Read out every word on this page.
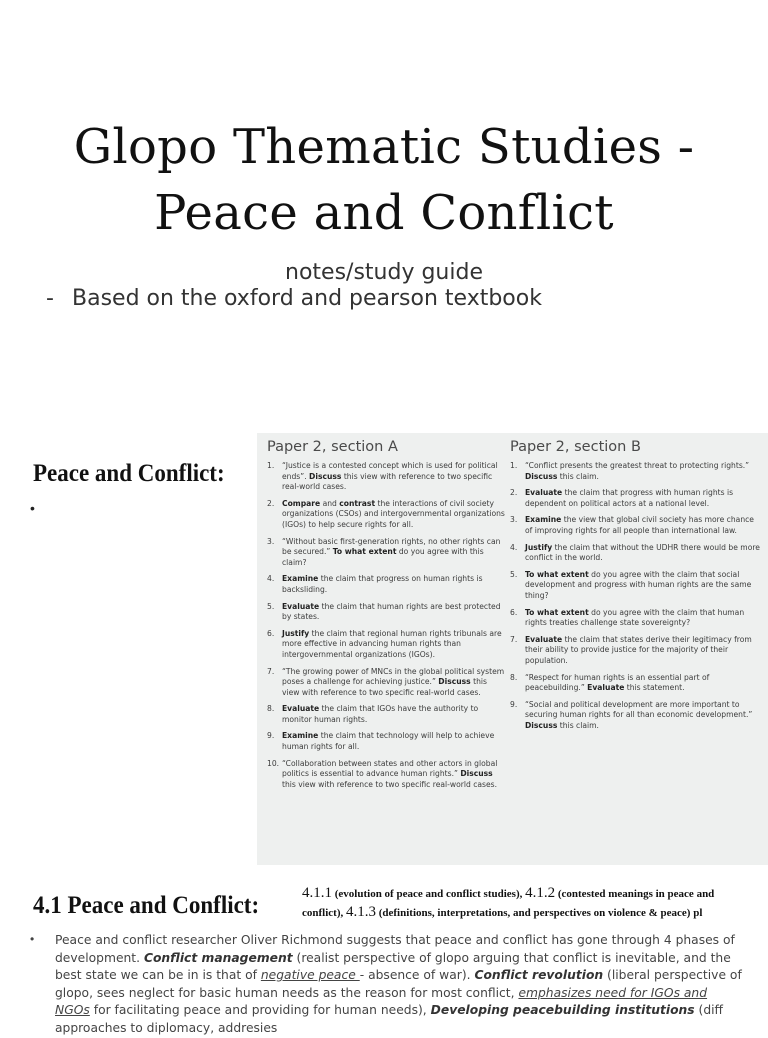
Glopo Thematic Studies -
Peace and Conflict
notes/study guide
- Based on the oxford and pearson textbook
Peace and Conflict:
•
Paper 2, section A
1. “Justice is a contested concept which is used for political ends”. Discuss this view with reference to two specific real-world cases.
2. Compare and contrast the interactions of civil society organizations (CSOs) and intergovernmental organizations (IGOs) to help secure rights for all.
3. “Without basic first-generation rights, no other rights can be secured.” To what extent do you agree with this claim?
4. Examine the claim that progress on human rights is backsliding.
5. Evaluate the claim that human rights are best protected by states.
6. Justify the claim that regional human rights tribunals are more effective in advancing human rights than intergovernmental organizations (IGOs).
7. “The growing power of MNCs in the global political system poses a challenge for achieving justice.” Discuss this view with reference to two specific real-world cases.
8. Evaluate the claim that IGOs have the authority to monitor human rights.
9. Examine the claim that technology will help to achieve human rights for all.
10. “Collaboration between states and other actors in global politics is essential to advance human rights.” Discuss this view with reference to two specific real-world cases.
Paper 2, section B
1. “Conflict presents the greatest threat to protecting rights.” Discuss this claim.
2. Evaluate the claim that progress with human rights is dependent on political actors at a national level.
3. Examine the view that global civil society has more chance of improving rights for all people than international law.
4. Justify the claim that without the UDHR there would be more conflict in the world.
5. To what extent do you agree with the claim that social development and progress with human rights are the same thing?
6. To what extent do you agree with the claim that human rights treaties challenge state sovereignty?
7. Evaluate the claim that states derive their legitimacy from their ability to provide justice for the majority of their population.
8. “Respect for human rights is an essential part of peacebuilding.” Evaluate this statement.
9. “Social and political development are more important to securing human rights for all than economic development.” Discuss this claim.
4.1 Peace and Conflict:	4.1.1 (evolution of peace and conflict studies), 4.1.2 (contested meanings in peace and conflict), 4.1.3 (definitions, interpretations, and perspectives on violence & peace) pl
• Peace and conflict researcher Oliver Richmond suggests that peace and conflict has gone through 4 phases of development. Conflict management (realist perspective of glopo arguing that conflict is inevitable, and the best state we can be in is that of negative peace - absence of war). Conflict revolution (liberal perspective of glopo, sees neglect for basic human needs as the reason for most conflict, emphasizes need for IGOs and NGOs for facilitating peace and providing for human needs), Developing peacebuilding institutions (diff approaches to diplomacy, addresies
